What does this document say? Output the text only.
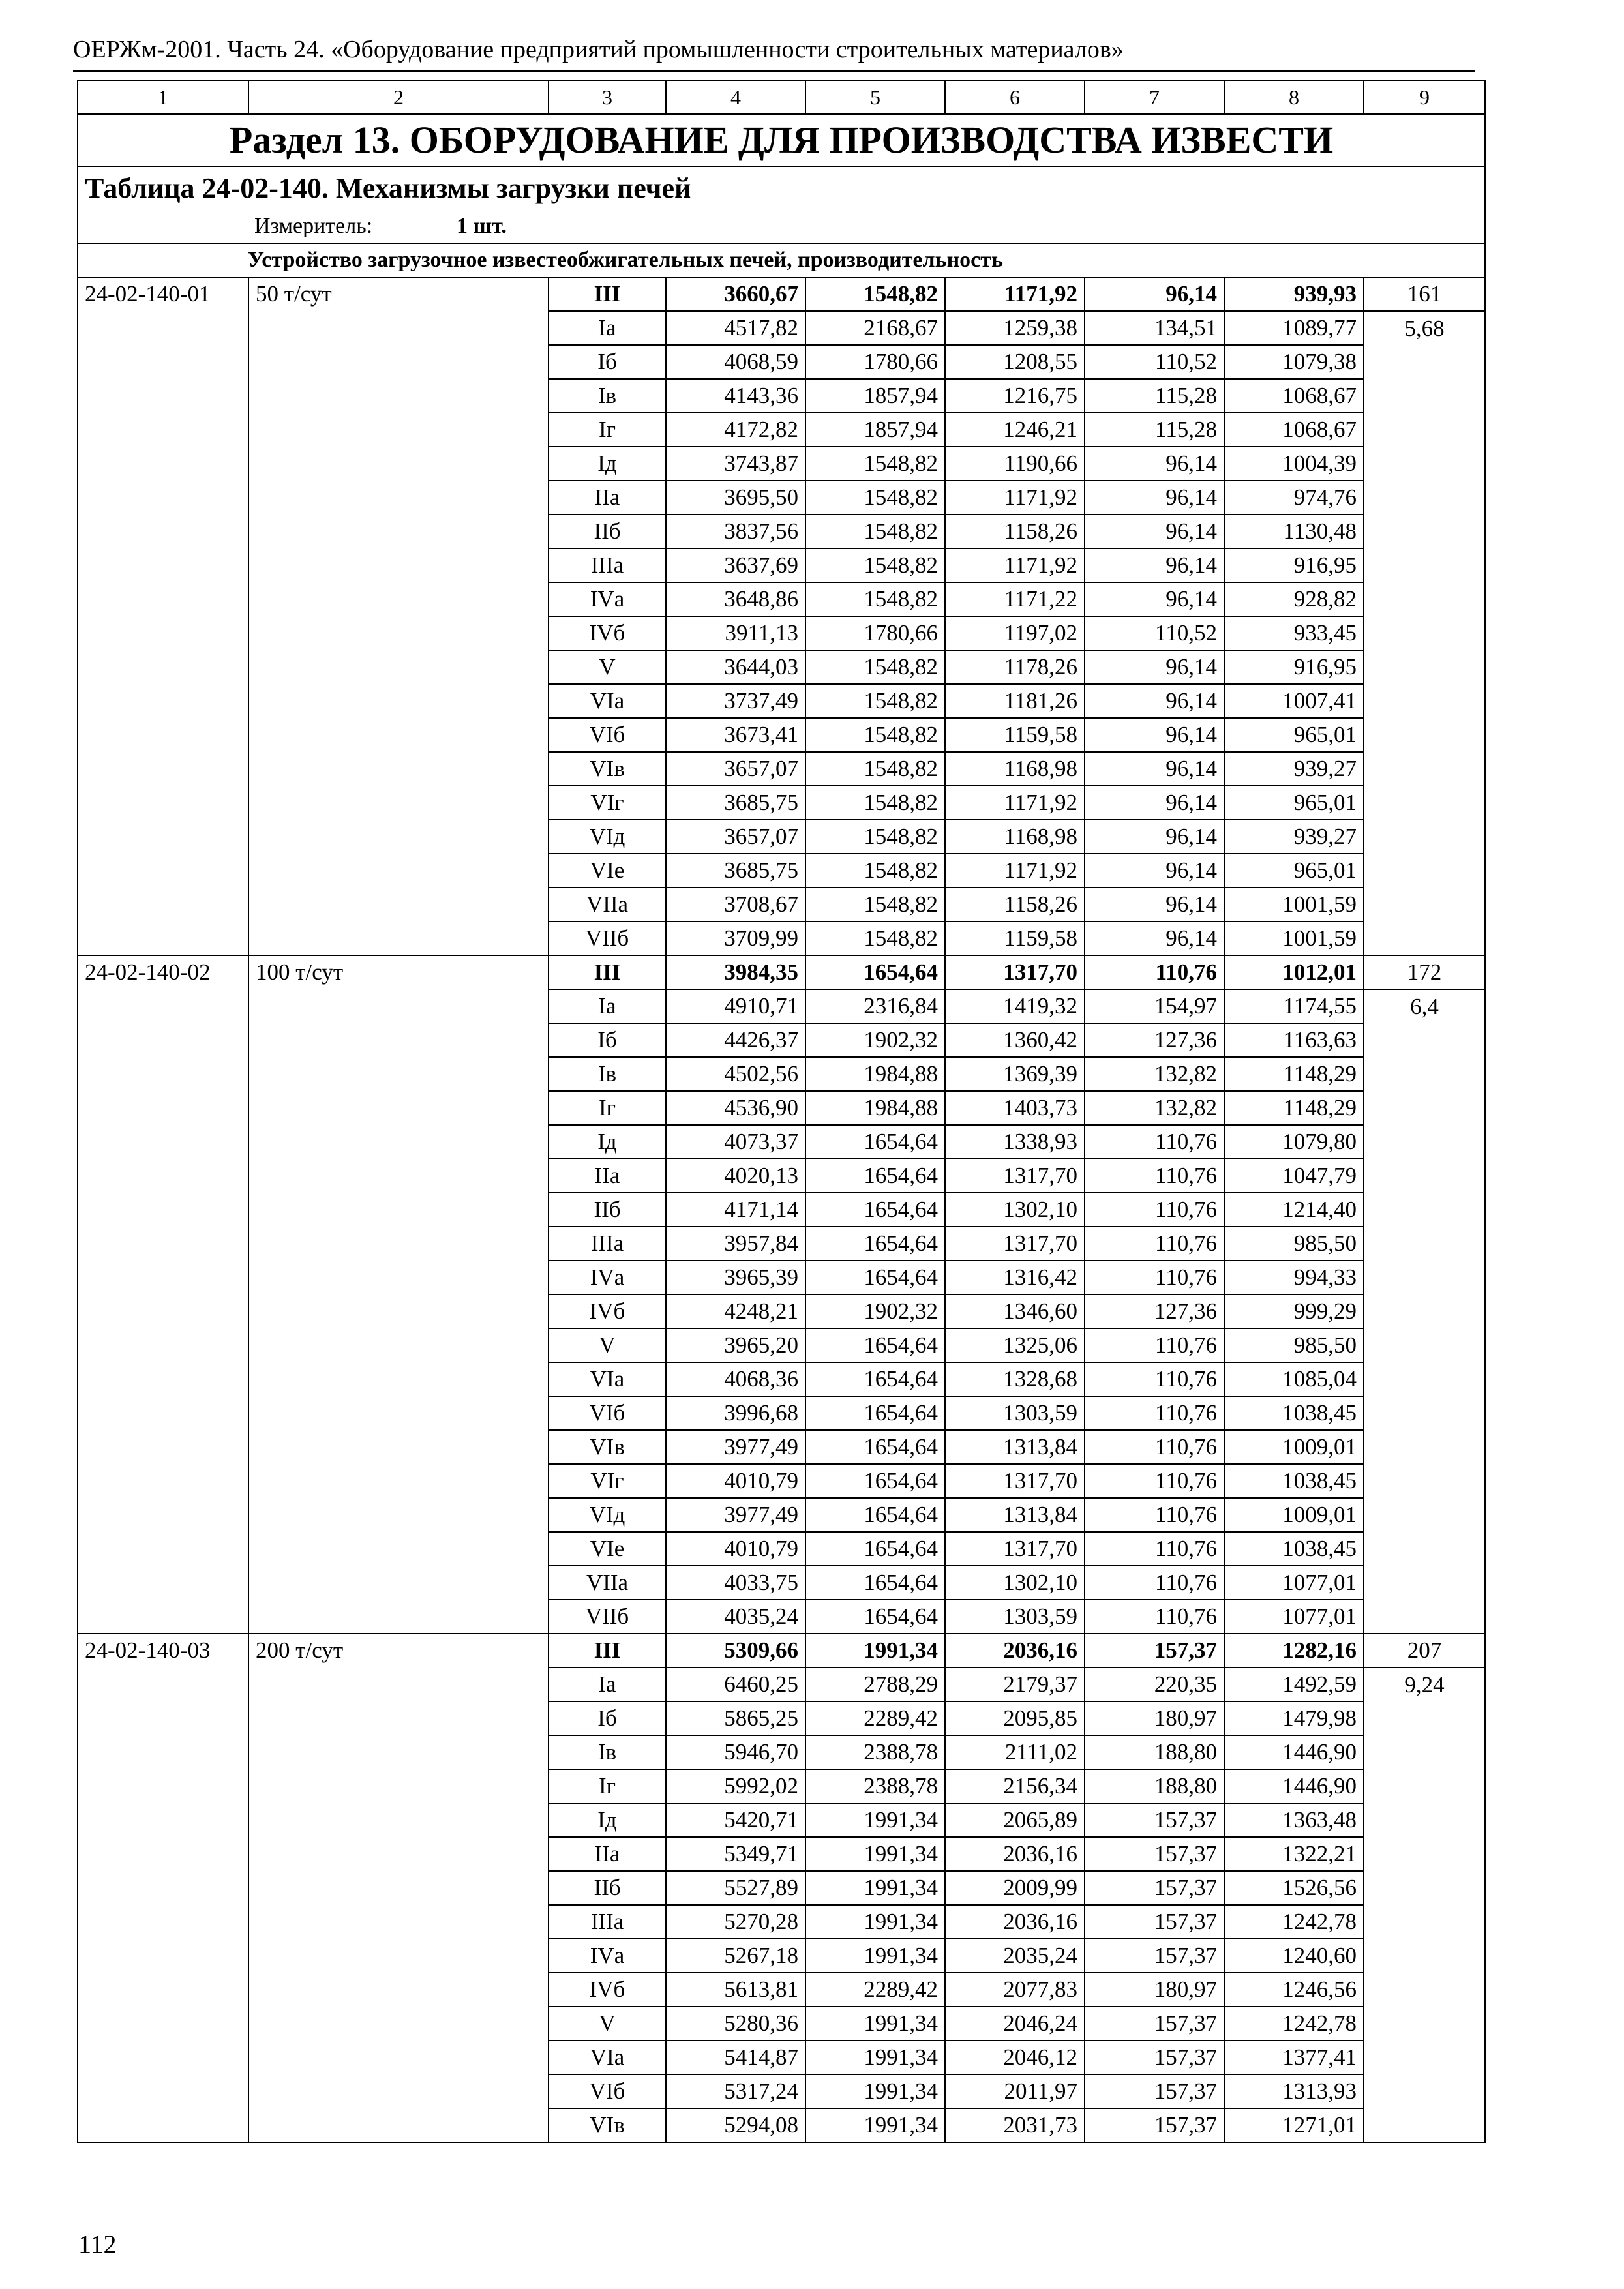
ОЕРЖм-2001. Часть 24. «Оборудование предприятий промышленности строительных материалов»
1	2	3	4	5	6	7	8	9
Раздел 13. ОБОРУДОВАНИЕ ДЛЯ ПРОИЗВОДСТВА ИЗВЕСТИ								
Таблица 24-02-140. Механизмы загрузки печей								
Измеритель: 1 шт.								
Устройство загрузочное известеобжигательных печей, производительность								
24-02-140-01	50 т/сут	III	3660,67	1548,82	1171,92	96,14	939,93	161
		Iа	4517,82	2168,67	1259,38	134,51	1089,77	5,68
		Iб	4068,59	1780,66	1208,55	110,52	1079,38	
		Iв	4143,36	1857,94	1216,75	115,28	1068,67	
		Iг	4172,82	1857,94	1246,21	115,28	1068,67	
		Iд	3743,87	1548,82	1190,66	96,14	1004,39	
		IIа	3695,50	1548,82	1171,92	96,14	974,76	
		IIб	3837,56	1548,82	1158,26	96,14	1130,48	
		IIIа	3637,69	1548,82	1171,92	96,14	916,95	
		IVа	3648,86	1548,82	1171,22	96,14	928,82	
		IVб	3911,13	1780,66	1197,02	110,52	933,45	
		V	3644,03	1548,82	1178,26	96,14	916,95	
		VIа	3737,49	1548,82	1181,26	96,14	1007,41	
		VIб	3673,41	1548,82	1159,58	96,14	965,01	
		VIв	3657,07	1548,82	1168,98	96,14	939,27	
		VIг	3685,75	1548,82	1171,92	96,14	965,01	
		VIд	3657,07	1548,82	1168,98	96,14	939,27	
		VIе	3685,75	1548,82	1171,92	96,14	965,01	
		VIIа	3708,67	1548,82	1158,26	96,14	1001,59	
		VIIб	3709,99	1548,82	1159,58	96,14	1001,59	
24-02-140-02	100 т/сут	III	3984,35	1654,64	1317,70	110,76	1012,01	172
		Iа	4910,71	2316,84	1419,32	154,97	1174,55	6,4
		Iб	4426,37	1902,32	1360,42	127,36	1163,63	
		Iв	4502,56	1984,88	1369,39	132,82	1148,29	
		Iг	4536,90	1984,88	1403,73	132,82	1148,29	
		Iд	4073,37	1654,64	1338,93	110,76	1079,80	
		IIа	4020,13	1654,64	1317,70	110,76	1047,79	
		IIб	4171,14	1654,64	1302,10	110,76	1214,40	
		IIIа	3957,84	1654,64	1317,70	110,76	985,50	
		IVа	3965,39	1654,64	1316,42	110,76	994,33	
		IVб	4248,21	1902,32	1346,60	127,36	999,29	
		V	3965,20	1654,64	1325,06	110,76	985,50	
		VIа	4068,36	1654,64	1328,68	110,76	1085,04	
		VIб	3996,68	1654,64	1303,59	110,76	1038,45	
		VIв	3977,49	1654,64	1313,84	110,76	1009,01	
		VIг	4010,79	1654,64	1317,70	110,76	1038,45	
		VIд	3977,49	1654,64	1313,84	110,76	1009,01	
		VIе	4010,79	1654,64	1317,70	110,76	1038,45	
		VIIа	4033,75	1654,64	1302,10	110,76	1077,01	
		VIIб	4035,24	1654,64	1303,59	110,76	1077,01	
24-02-140-03	200 т/сут	III	5309,66	1991,34	2036,16	157,37	1282,16	207
		Iа	6460,25	2788,29	2179,37	220,35	1492,59	9,24
		Iб	5865,25	2289,42	2095,85	180,97	1479,98	
		Iв	5946,70	2388,78	2111,02	188,80	1446,90	
		Iг	5992,02	2388,78	2156,34	188,80	1446,90	
		Iд	5420,71	1991,34	2065,89	157,37	1363,48	
		IIа	5349,71	1991,34	2036,16	157,37	1322,21	
		IIб	5527,89	1991,34	2009,99	157,37	1526,56	
		IIIа	5270,28	1991,34	2036,16	157,37	1242,78	
		IVа	5267,18	1991,34	2035,24	157,37	1240,60	
		IVб	5613,81	2289,42	2077,83	180,97	1246,56	
		V	5280,36	1991,34	2046,24	157,37	1242,78	
		VIа	5414,87	1991,34	2046,12	157,37	1377,41	
		VIб	5317,24	1991,34	2011,97	157,37	1313,93	
		VIв	5294,08	1991,34	2031,73	157,37	1271,01	
112
